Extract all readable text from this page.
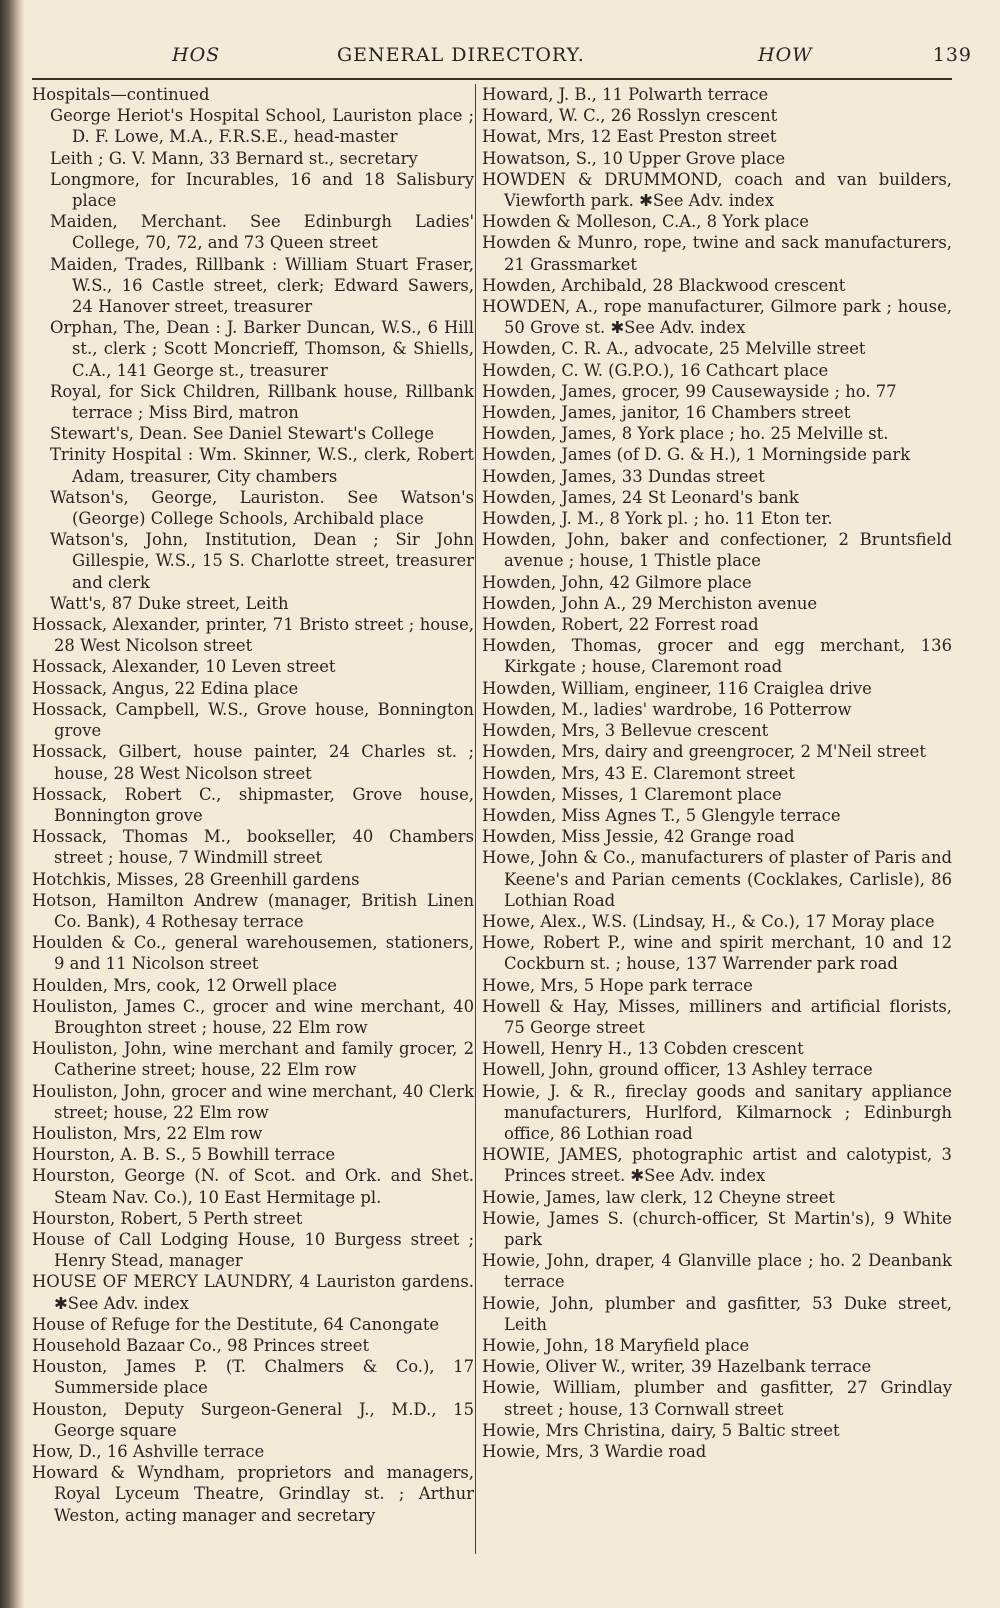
HOS	GENERAL DIRECTORY.	HOW	139

Hospitals—continued

George Heriot's Hospital School, Lauriston place ; D. F. Lowe, M.A., F.R.S.E., head-master

Leith ; G. V. Mann, 33 Bernard st., secretary

Longmore, for Incurables, 16 and 18 Salisbury place

Maiden, Merchant. See Edinburgh Ladies' College, 70, 72, and 73 Queen street

Maiden, Trades, Rillbank : William Stuart Fraser, W.S., 16 Castle street, clerk; Edward Sawers, 24 Hanover street, treasurer

Orphan, The, Dean : J. Barker Duncan, W.S., 6 Hill st., clerk ; Scott Moncrieff, Thomson, & Shiells, C.A., 141 George st., treasurer

Royal, for Sick Children, Rillbank house, Rillbank terrace ; Miss Bird, matron

Stewart's, Dean. See Daniel Stewart's College

Trinity Hospital : Wm. Skinner, W.S., clerk, Robert Adam, treasurer, City chambers

Watson's, George, Lauriston. See Watson's (George) College Schools, Archibald place

Watson's, John, Institution, Dean ; Sir John Gillespie, W.S., 15 S. Charlotte street, treasurer and clerk

Watt's, 87 Duke street, Leith

Hossack, Alexander, printer, 71 Bristo street ; house, 28 West Nicolson street

Hossack, Alexander, 10 Leven street

Hossack, Angus, 22 Edina place

Hossack, Campbell, W.S., Grove house, Bonnington grove

Hossack, Gilbert, house painter, 24 Charles st. ; house, 28 West Nicolson street

Hossack, Robert C., shipmaster, Grove house, Bonnington grove

Hossack, Thomas M., bookseller, 40 Chambers street ; house, 7 Windmill street

Hotchkis, Misses, 28 Greenhill gardens

Hotson, Hamilton Andrew (manager, British Linen Co. Bank), 4 Rothesay terrace

Houlden & Co., general warehousemen, stationers, 9 and 11 Nicolson street

Houlden, Mrs, cook, 12 Orwell place

Houliston, James C., grocer and wine merchant, 40 Broughton street ; house, 22 Elm row

Houliston, John, wine merchant and family grocer, 2 Catherine street; house, 22 Elm row

Houliston, John, grocer and wine merchant, 40 Clerk street; house, 22 Elm row

Houliston, Mrs, 22 Elm row

Hourston, A. B. S., 5 Bowhill terrace

Hourston, George (N. of Scot. and Ork. and Shet. Steam Nav. Co.), 10 East Hermitage pl.

Hourston, Robert, 5 Perth street

House of Call Lodging House, 10 Burgess street ; Henry Stead, manager

HOUSE OF MERCY LAUNDRY, 4 Lauriston gardens. ✱See Adv. index

House of Refuge for the Destitute, 64 Canongate

Household Bazaar Co., 98 Princes street

Houston, James P. (T. Chalmers & Co.), 17 Summerside place

Houston, Deputy Surgeon-General J., M.D., 15 George square

How, D., 16 Ashville terrace

Howard & Wyndham, proprietors and managers, Royal Lyceum Theatre, Grindlay st. ; Arthur Weston, acting manager and secretary

Howard, J. B., 11 Polwarth terrace

Howard, W. C., 26 Rosslyn crescent

Howat, Mrs, 12 East Preston street

Howatson, S., 10 Upper Grove place

HOWDEN & DRUMMOND, coach and van builders, Viewforth park. ✱See Adv. index

Howden & Molleson, C.A., 8 York place

Howden & Munro, rope, twine and sack manufacturers, 21 Grassmarket

Howden, Archibald, 28 Blackwood crescent

HOWDEN, A., rope manufacturer, Gilmore park ; house, 50 Grove st. ✱See Adv. index

Howden, C. R. A., advocate, 25 Melville street

Howden, C. W. (G.P.O.), 16 Cathcart place

Howden, James, grocer, 99 Causewayside ; ho. 77

Howden, James, janitor, 16 Chambers street

Howden, James, 8 York place ; ho. 25 Melville st.

Howden, James (of D. G. & H.), 1 Morningside park

Howden, James, 33 Dundas street

Howden, James, 24 St Leonard's bank

Howden, J. M., 8 York pl. ; ho. 11 Eton ter.

Howden, John, baker and confectioner, 2 Bruntsfield avenue ; house, 1 Thistle place

Howden, John, 42 Gilmore place

Howden, John A., 29 Merchiston avenue

Howden, Robert, 22 Forrest road

Howden, Thomas, grocer and egg merchant, 136 Kirkgate ; house, Claremont road

Howden, William, engineer, 116 Craiglea drive

Howden, M., ladies' wardrobe, 16 Potterrow

Howden, Mrs, 3 Bellevue crescent

Howden, Mrs, dairy and greengrocer, 2 M'Neil street

Howden, Mrs, 43 E. Claremont street

Howden, Misses, 1 Claremont place

Howden, Miss Agnes T., 5 Glengyle terrace

Howden, Miss Jessie, 42 Grange road

Howe, John & Co., manufacturers of plaster of Paris and Keene's and Parian cements (Cocklakes, Carlisle), 86 Lothian Road

Howe, Alex., W.S. (Lindsay, H., & Co.), 17 Moray place

Howe, Robert P., wine and spirit merchant, 10 and 12 Cockburn st. ; house, 137 Warrender park road

Howe, Mrs, 5 Hope park terrace

Howell & Hay, Misses, milliners and artificial florists, 75 George street

Howell, Henry H., 13 Cobden crescent

Howell, John, ground officer, 13 Ashley terrace

Howie, J. & R., fireclay goods and sanitary appliance manufacturers, Hurlford, Kilmarnock ; Edinburgh office, 86 Lothian road

HOWIE, JAMES, photographic artist and calotypist, 3 Princes street. ✱See Adv. index

Howie, James, law clerk, 12 Cheyne street

Howie, James S. (church-officer, St Martin's), 9 White park

Howie, John, draper, 4 Glanville place ; ho. 2 Deanbank terrace

Howie, John, plumber and gasfitter, 53 Duke street, Leith

Howie, John, 18 Maryfield place

Howie, Oliver W., writer, 39 Hazelbank terrace

Howie, William, plumber and gasfitter, 27 Grindlay street ; house, 13 Cornwall street

Howie, Mrs Christina, dairy, 5 Baltic street

Howie, Mrs, 3 Wardie road
